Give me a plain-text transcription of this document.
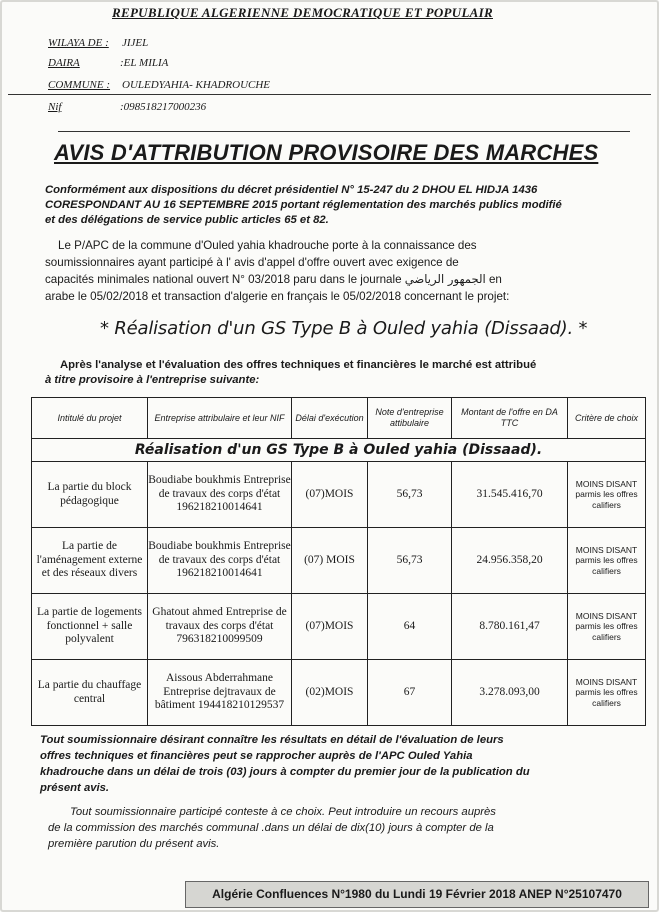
REPUBLIQUE ALGERIENNE DEMOCRATIQUE ET POPULAIR
WILAYA DE : JIJEL
DAIRA	:EL MILIA
COMMUNE : OULEDYAHIA- KHADROUCHE
Nif	:098518217000236
AVIS D'ATTRIBUTION PROVISOIRE DES MARCHES
Conformément aux dispositions du décret présidentiel N° 15-247 du 2 DHOU EL HIDJA 1436
CORESPONDANT AU 16 SEPTEMBRE 2015 portant réglementation des marchés publics modifié
et des délégations de service public articles 65 et 82.
Le P/APC de la commune d'Ouled yahia khadrouche porte à la connaissance des
soumissionnaires ayant participé à l' avis d'appel d'offre ouvert avec exigence de
capacités minimales national ouvert N° 03/2018 paru dans le journale الجمهور الرياضي en
arabe le 05/02/2018 et transaction d'algerie en français le 05/02/2018 concernant le projet:
* Réalisation d'un GS Type B à Ouled yahia (Dissaad). *
Après l'analyse et l'évaluation des offres techniques et financières le marché est attribué
à titre provisoire à l'entreprise suivante:
Intitulé du projet	Entreprise attribulaire et leur NIF	Délai d'exécution	Note d'entreprise attibulaire	Montant de l'offre en DA TTC	Critère de choix
Réalisation d'un GS Type B à Ouled yahia (Dissaad).					
La partie du block pédagogique	Boudiabe boukhmis Entreprise de travaux des corps d'état 196218210014641	(07)MOIS	56,73	31.545.416,70	MOINS DISANT parmis les offres califiers
La partie de l'aménagement externe et des réseaux divers	Boudiabe boukhmis Entreprise de travaux des corps d'état 196218210014641	(07) MOIS	56,73	24.956.358,20	MOINS DISANT parmis les offres califiers
La partie de logements fonctionnel + salle polyvalent	Ghatout ahmed Entreprise de travaux des corps d'état 796318210099509	(07)MOIS	64	8.780.161,47	MOINS DISANT parmis les offres califiers
La partie du chauffage central	Aissous Abderrahmane Entreprise dejtravaux de bâtiment 194418210129537	(02)MOIS	67	3.278.093,00	MOINS DISANT parmis les offres califiers
Tout soumissionnaire désirant connaître les résultats en détail de l'évaluation de leurs
offres techniques et financières peut se rapprocher auprès de l'APC Ouled Yahia
khadrouche dans un délai de trois (03) jours à compter du premier jour de la publication du
présent avis.
Tout soumissionnaire participé conteste à ce choix. Peut introduire un recours auprès
de la commission des marchés communal .dans un délai de dix(10) jours à compter de la
première parution du présent avis.
Algérie Confluences N°1980 du Lundi 19 Février 2018 ANEP N°25107470
